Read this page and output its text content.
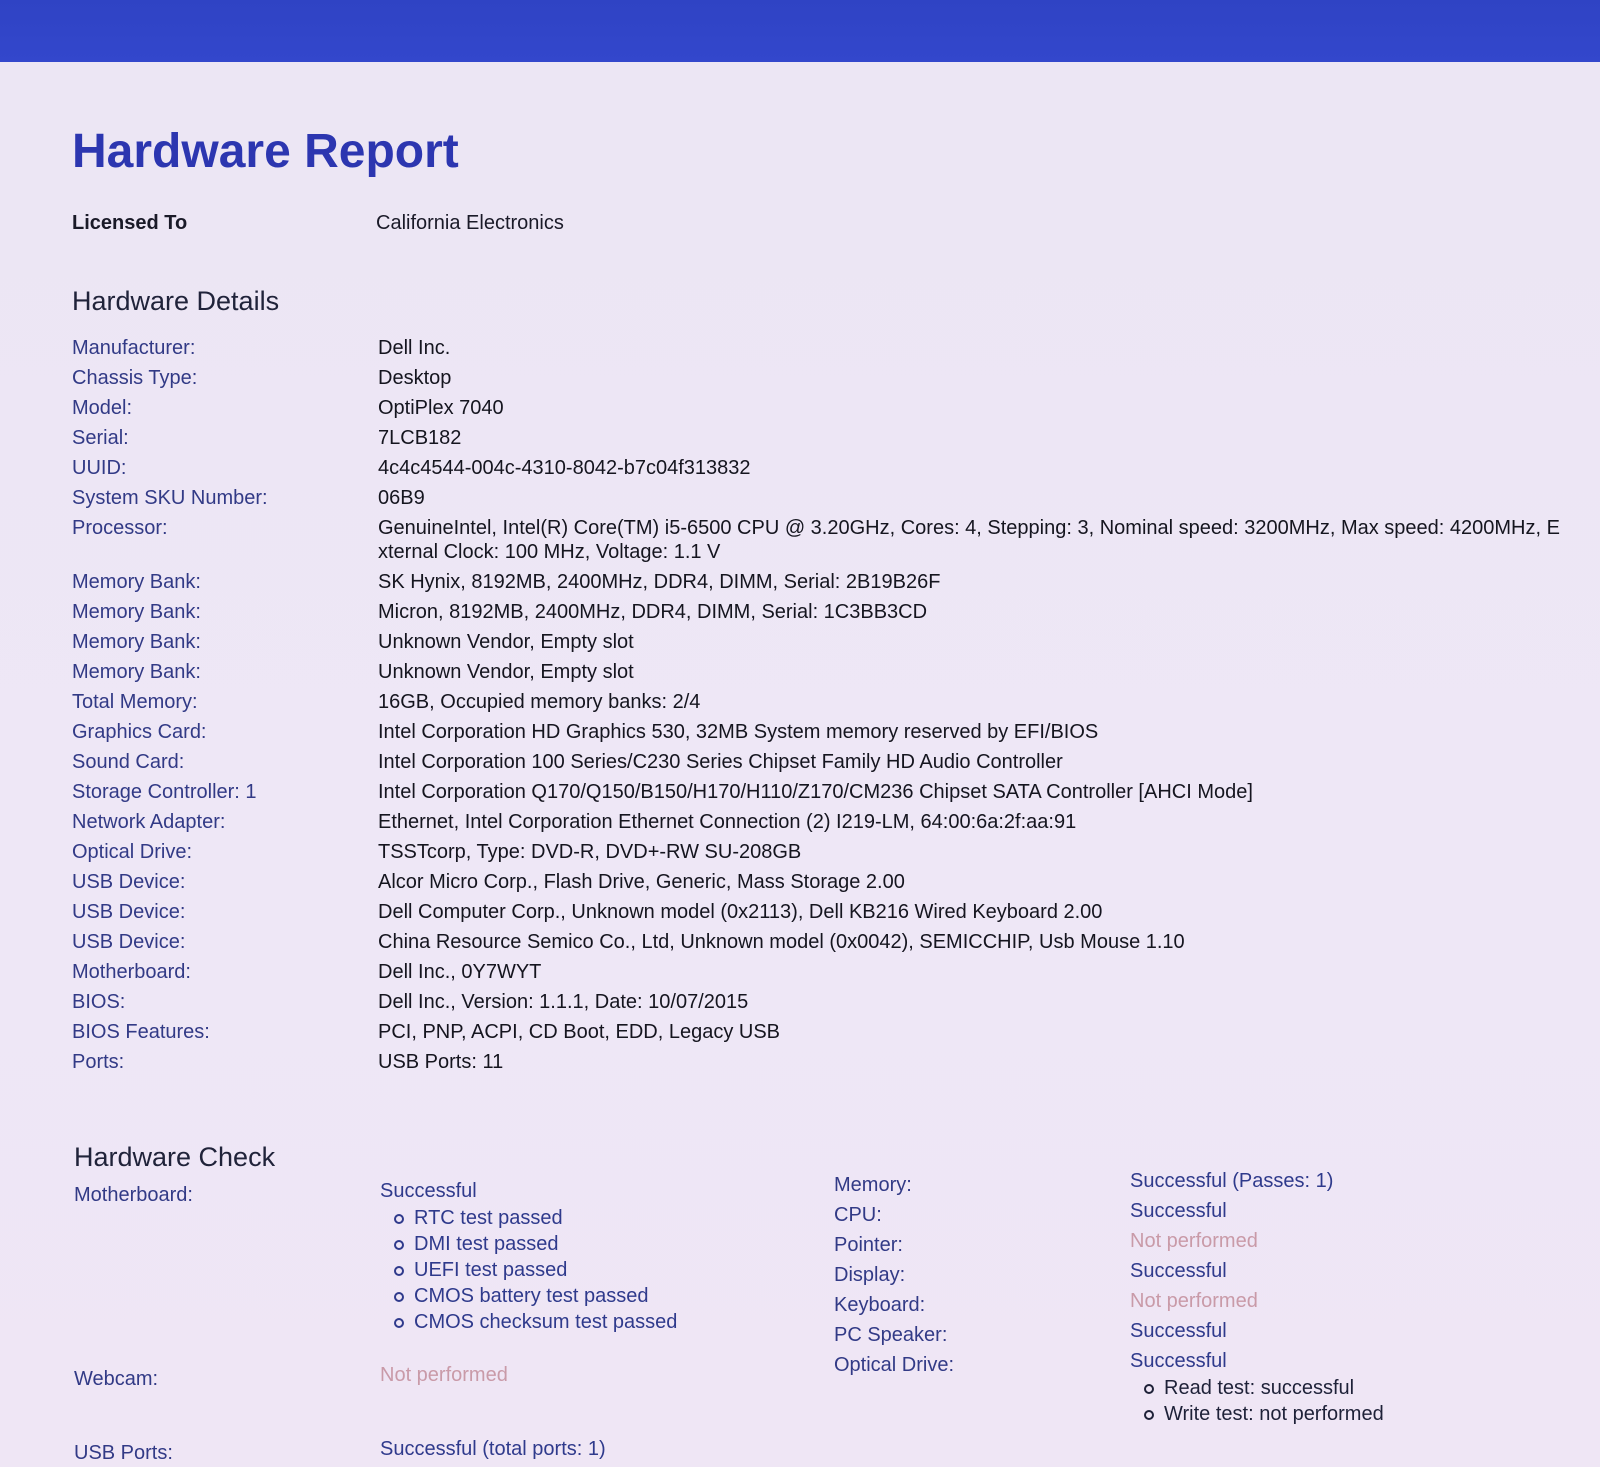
Hardware Report
Licensed To	California Electronics
Hardware Details
Manufacturer:	Dell Inc.
Chassis Type:	Desktop
Model:	OptiPlex 7040
Serial:	7LCB182
UUID:	4c4c4544-004c-4310-8042-b7c04f313832
System SKU Number:	06B9
Processor:	GenuineIntel, Intel(R) Core(TM) i5-6500 CPU @ 3.20GHz, Cores: 4, Stepping: 3, Nominal speed: 3200MHz, Max speed: 4200MHz, External Clock: 100 MHz, Voltage: 1.1 V
Memory Bank:	SK Hynix, 8192MB, 2400MHz, DDR4, DIMM, Serial: 2B19B26F
Memory Bank:	Micron, 8192MB, 2400MHz, DDR4, DIMM, Serial: 1C3BB3CD
Memory Bank:	Unknown Vendor, Empty slot
Memory Bank:	Unknown Vendor, Empty slot
Total Memory:	16GB, Occupied memory banks: 2/4
Graphics Card:	Intel Corporation HD Graphics 530, 32MB System memory reserved by EFI/BIOS
Sound Card:	Intel Corporation 100 Series/C230 Series Chipset Family HD Audio Controller
Storage Controller: 1	Intel Corporation Q170/Q150/B150/H170/H110/Z170/CM236 Chipset SATA Controller [AHCI Mode]
Network Adapter:	Ethernet, Intel Corporation Ethernet Connection (2) I219-LM, 64:00:6a:2f:aa:91
Optical Drive:	TSSTcorp, Type: DVD-R, DVD+-RW SU-208GB
USB Device:	Alcor Micro Corp., Flash Drive, Generic, Mass Storage 2.00
USB Device:	Dell Computer Corp., Unknown model (0x2113), Dell KB216 Wired Keyboard 2.00
USB Device:	China Resource Semico Co., Ltd, Unknown model (0x0042), SEMICCHIP, Usb Mouse 1.10
Motherboard:	Dell Inc., 0Y7WYT
BIOS:	Dell Inc., Version: 1.1.1, Date: 10/07/2015
BIOS Features:	PCI, PNP, ACPI, CD Boot, EDD, Legacy USB
Ports:	USB Ports: 11
Hardware Check
Motherboard:	Successful
RTC test passed
DMI test passed
UEFI test passed
CMOS battery test passed
CMOS checksum test passed
Webcam:	Not performed
USB Ports:	Successful (total ports: 1)
Memory:	Successful (Passes: 1)
CPU:	Successful
Pointer:	Not performed
Display:	Successful
Keyboard:	Not performed
PC Speaker:	Successful
Optical Drive:	Successful
Read test: successful
Write test: not performed
